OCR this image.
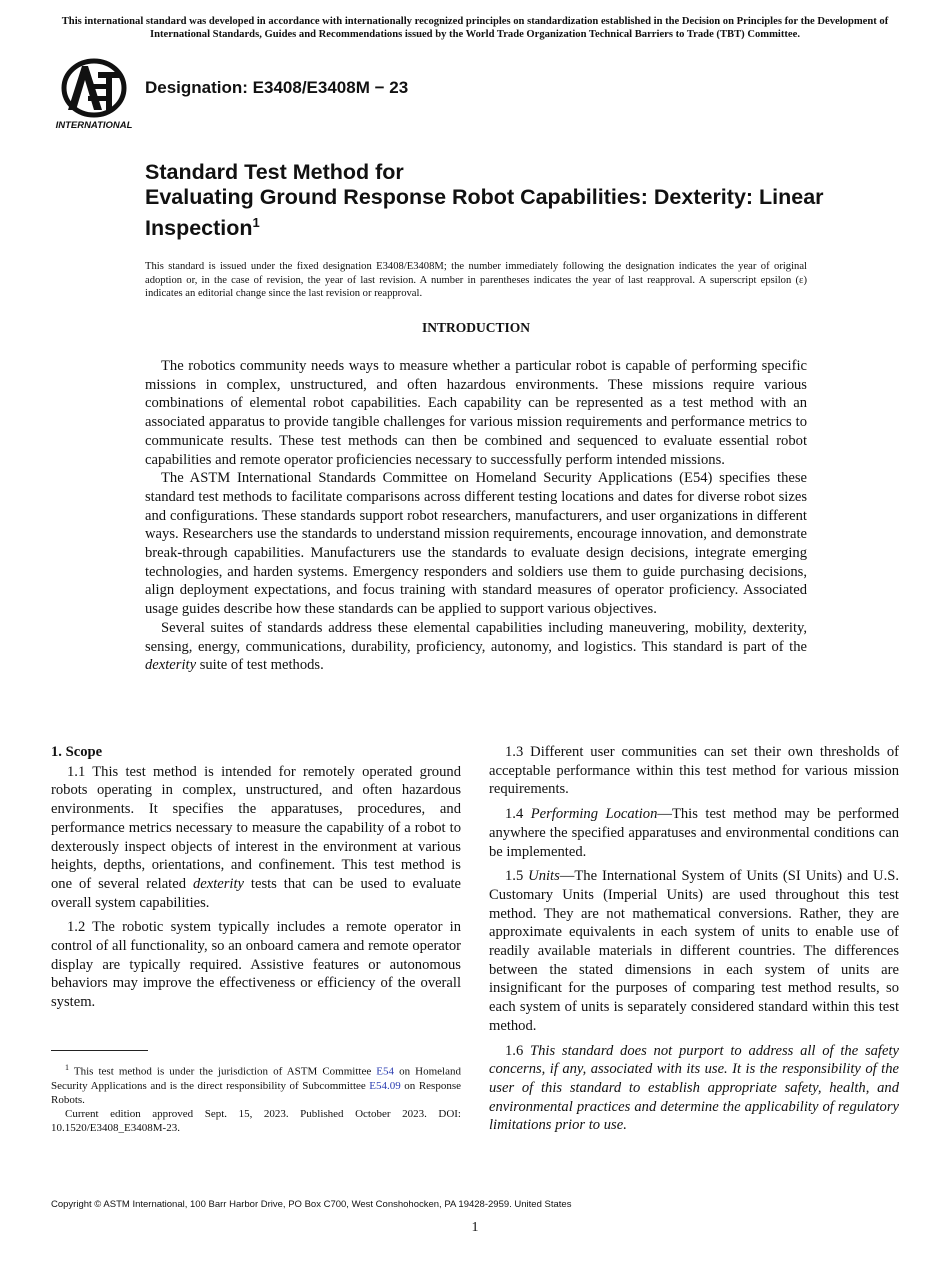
This international standard was developed in accordance with internationally recognized principles on standardization established in the Decision on Principles for the Development of International Standards, Guides and Recommendations issued by the World Trade Organization Technical Barriers to Trade (TBT) Committee.
INTERNATIONAL
Designation: E3408/E3408M − 23
Standard Test Method for
Evaluating Ground Response Robot Capabilities: Dexterity: Linear Inspection$^1$
This standard is issued under the fixed designation E3408/E3408M; the number immediately following the designation indicates the year of original adoption or, in the case of revision, the year of last revision. A number in parentheses indicates the year of last reapproval. A superscript epsilon (ε) indicates an editorial change since the last revision or reapproval.
INTRODUCTION

The robotics community needs ways to measure whether a particular robot is capable of performing specific missions in complex, unstructured, and often hazardous environments. These missions require various combinations of elemental robot capabilities. Each capability can be represented as a test method with an associated apparatus to provide tangible challenges for various mission requirements and performance metrics to communicate results. These test methods can then be combined and sequenced to evaluate essential robot capabilities and remote operator proficiencies necessary to successfully perform intended missions.

The ASTM International Standards Committee on Homeland Security Applications (E54) specifies these standard test methods to facilitate comparisons across different testing locations and dates for diverse robot sizes and configurations. These standards support robot researchers, manufacturers, and user organizations in different ways. Researchers use the standards to understand mission requirements, encourage innovation, and demonstrate break-through capabilities. Manufacturers use the standards to evaluate design decisions, integrate emerging technologies, and harden systems. Emergency responders and soldiers use them to guide purchasing decisions, align deployment expectations, and focus training with standard measures of operator proficiency. Associated usage guides describe how these standards can be applied to support various objectives.

Several suites of standards address these elemental capabilities including maneuvering, mobility, dexterity, sensing, energy, communications, durability, proficiency, autonomy, and logistics. This standard is part of the dexterity suite of test methods.

1. Scope

1.1 This test method is intended for remotely operated ground robots operating in complex, unstructured, and often hazardous environments. It specifies the apparatuses, procedures, and performance metrics necessary to measure the capability of a robot to dexterously inspect objects of interest in the environment at various heights, depths, orientations, and confinement. This test method is one of several related dexterity tests that can be used to evaluate overall system capabilities.

1.2 The robotic system typically includes a remote operator in control of all functionality, so an onboard camera and remote operator display are typically required. Assistive features or autonomous behaviors may improve the effectiveness or efficiency of the overall system.

1.3 Different user communities can set their own thresholds of acceptable performance within this test method for various mission requirements.

1.4 Performing Location—This test method may be performed anywhere the specified apparatuses and environmental conditions can be implemented.

1.5 Units—The International System of Units (SI Units) and U.S. Customary Units (Imperial Units) are used throughout this test method. They are not mathematical conversions. Rather, they are approximate equivalents in each system of units to enable use of readily available materials in different countries. The differences between the stated dimensions in each system of units are insignificant for the purposes of comparing test method results, so each system of units is separately considered standard within this test method.

1.6 This standard does not purport to address all of the safety concerns, if any, associated with its use. It is the responsibility of the user of this standard to establish appropriate safety, health, and environmental practices and determine the applicability of regulatory limitations prior to use.

$^1$ This test method is under the jurisdiction of ASTM Committee E54 on Homeland Security Applications and is the direct responsibility of Subcommittee E54.09 on Response Robots.

Current edition approved Sept. 15, 2023. Published October 2023. DOI: 10.1520/E3408_E3408M-23.

Copyright © ASTM International, 100 Barr Harbor Drive, PO Box C700, West Conshohocken, PA 19428-2959. United States
1
